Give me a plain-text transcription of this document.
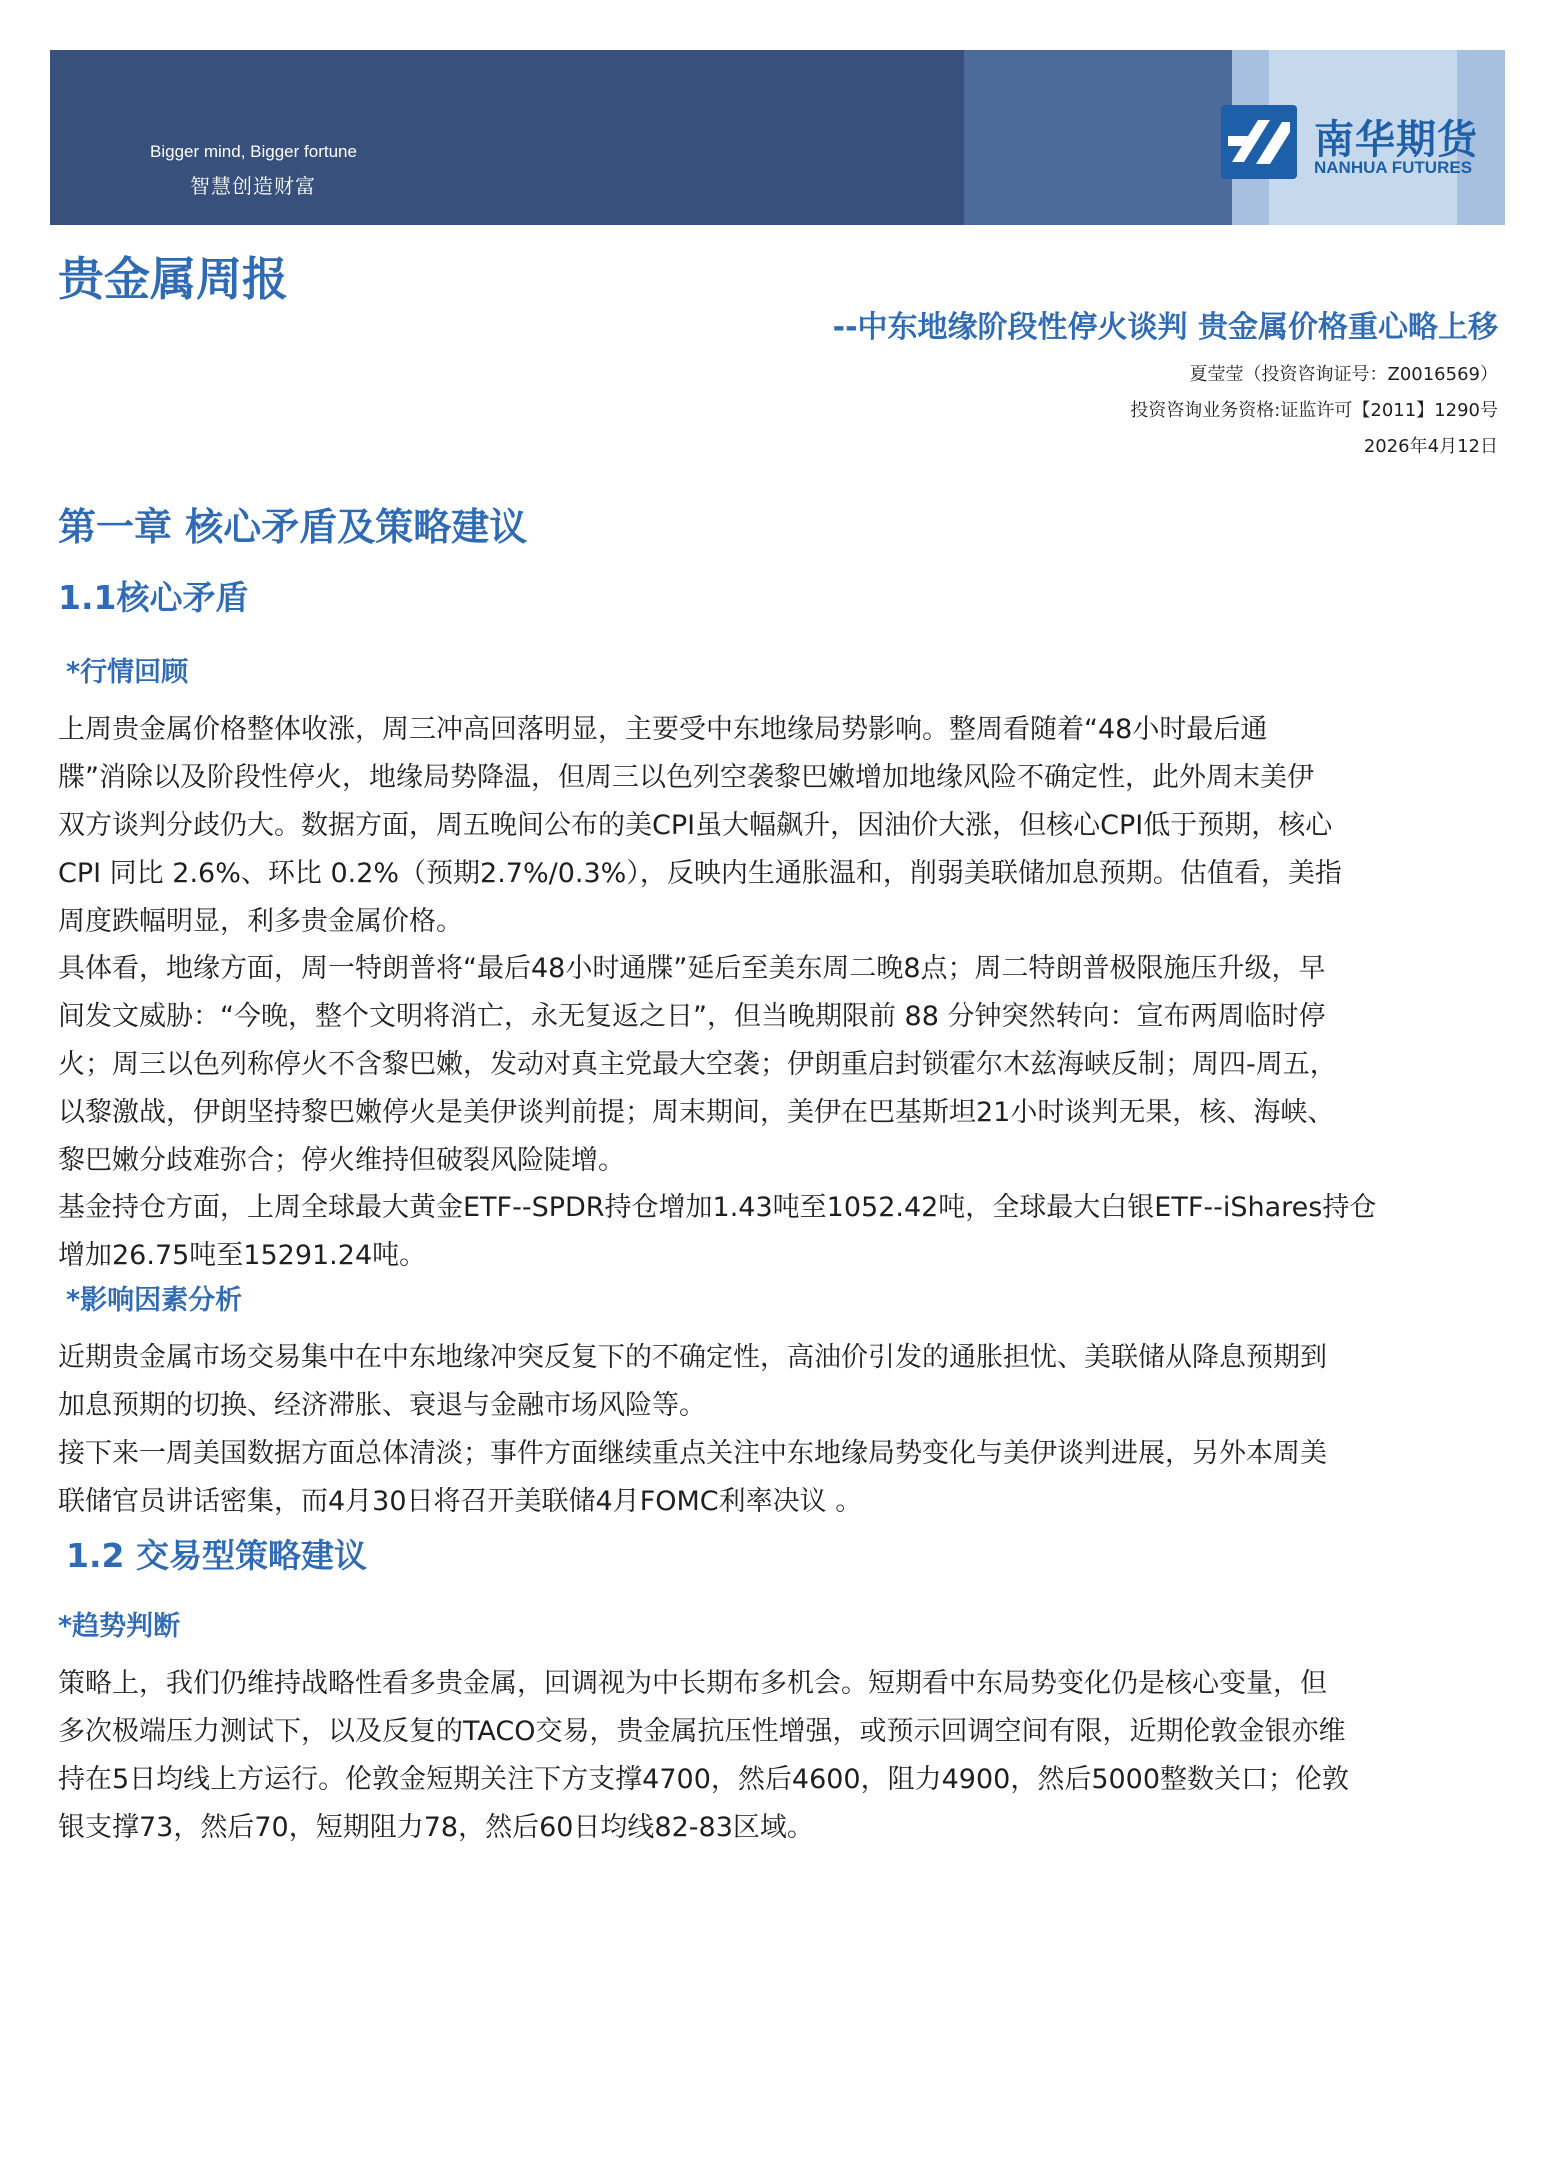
Bigger mind, Bigger fortune
智慧创造财富
南华期货
NANHUA FUTURES
贵金属周报
--中东地缘阶段性停火谈判 贵金属价格重心略上移
夏莹莹（投资咨询证号：Z0016569）
投资咨询业务资格:证监许可【2011】1290号
2026年4月12日
第一章 核心矛盾及策略建议
1.1核心矛盾
*行情回顾
上周贵金属价格整体收涨，周三冲高回落明显，主要受中东地缘局势影响。整周看随着“48小时最后通
牒”消除以及阶段性停火，地缘局势降温，但周三以色列空袭黎巴嫩增加地缘风险不确定性，此外周末美伊
双方谈判分歧仍大。数据方面，周五晚间公布的美CPI虽大幅飙升，因油价大涨，但核心CPI低于预期，核心
CPI 同比 2.6%、环比 0.2%（预期2.7%/0.3%），反映内生通胀温和，削弱美联储加息预期。估值看，美指
周度跌幅明显，利多贵金属价格。
具体看，地缘方面，周一特朗普将“最后48小时通牒”延后至美东周二晚8点；周二特朗普极限施压升级，早
间发文威胁：“今晚，整个文明将消亡，永无复返之日”，但当晚期限前 88 分钟突然转向：宣布两周临时停
火；周三以色列称停火不含黎巴嫩，发动对真主党最大空袭；伊朗重启封锁霍尔木兹海峡反制；周四-周五，
以黎激战，伊朗坚持黎巴嫩停火是美伊谈判前提；周末期间，美伊在巴基斯坦21小时谈判无果，核、海峡、
黎巴嫩分歧难弥合；停火维持但破裂风险陡增。
基金持仓方面，上周全球最大黄金ETF--SPDR持仓增加1.43吨至1052.42吨，全球最大白银ETF--iShares持仓
增加26.75吨至15291.24吨。
*影响因素分析
近期贵金属市场交易集中在中东地缘冲突反复下的不确定性，高油价引发的通胀担忧、美联储从降息预期到
加息预期的切换、经济滞胀、衰退与金融市场风险等。
接下来一周美国数据方面总体清淡；事件方面继续重点关注中东地缘局势变化与美伊谈判进展，另外本周美
联储官员讲话密集，而4月30日将召开美联储4月FOMC利率决议 。
1.2 交易型策略建议
*趋势判断
策略上，我们仍维持战略性看多贵金属，回调视为中长期布多机会。短期看中东局势变化仍是核心变量，但
多次极端压力测试下，以及反复的TACO交易，贵金属抗压性增强，或预示回调空间有限，近期伦敦金银亦维
持在5日均线上方运行。伦敦金短期关注下方支撑4700，然后4600，阻力4900，然后5000整数关口；伦敦
银支撑73，然后70，短期阻力78，然后60日均线82-83区域。
